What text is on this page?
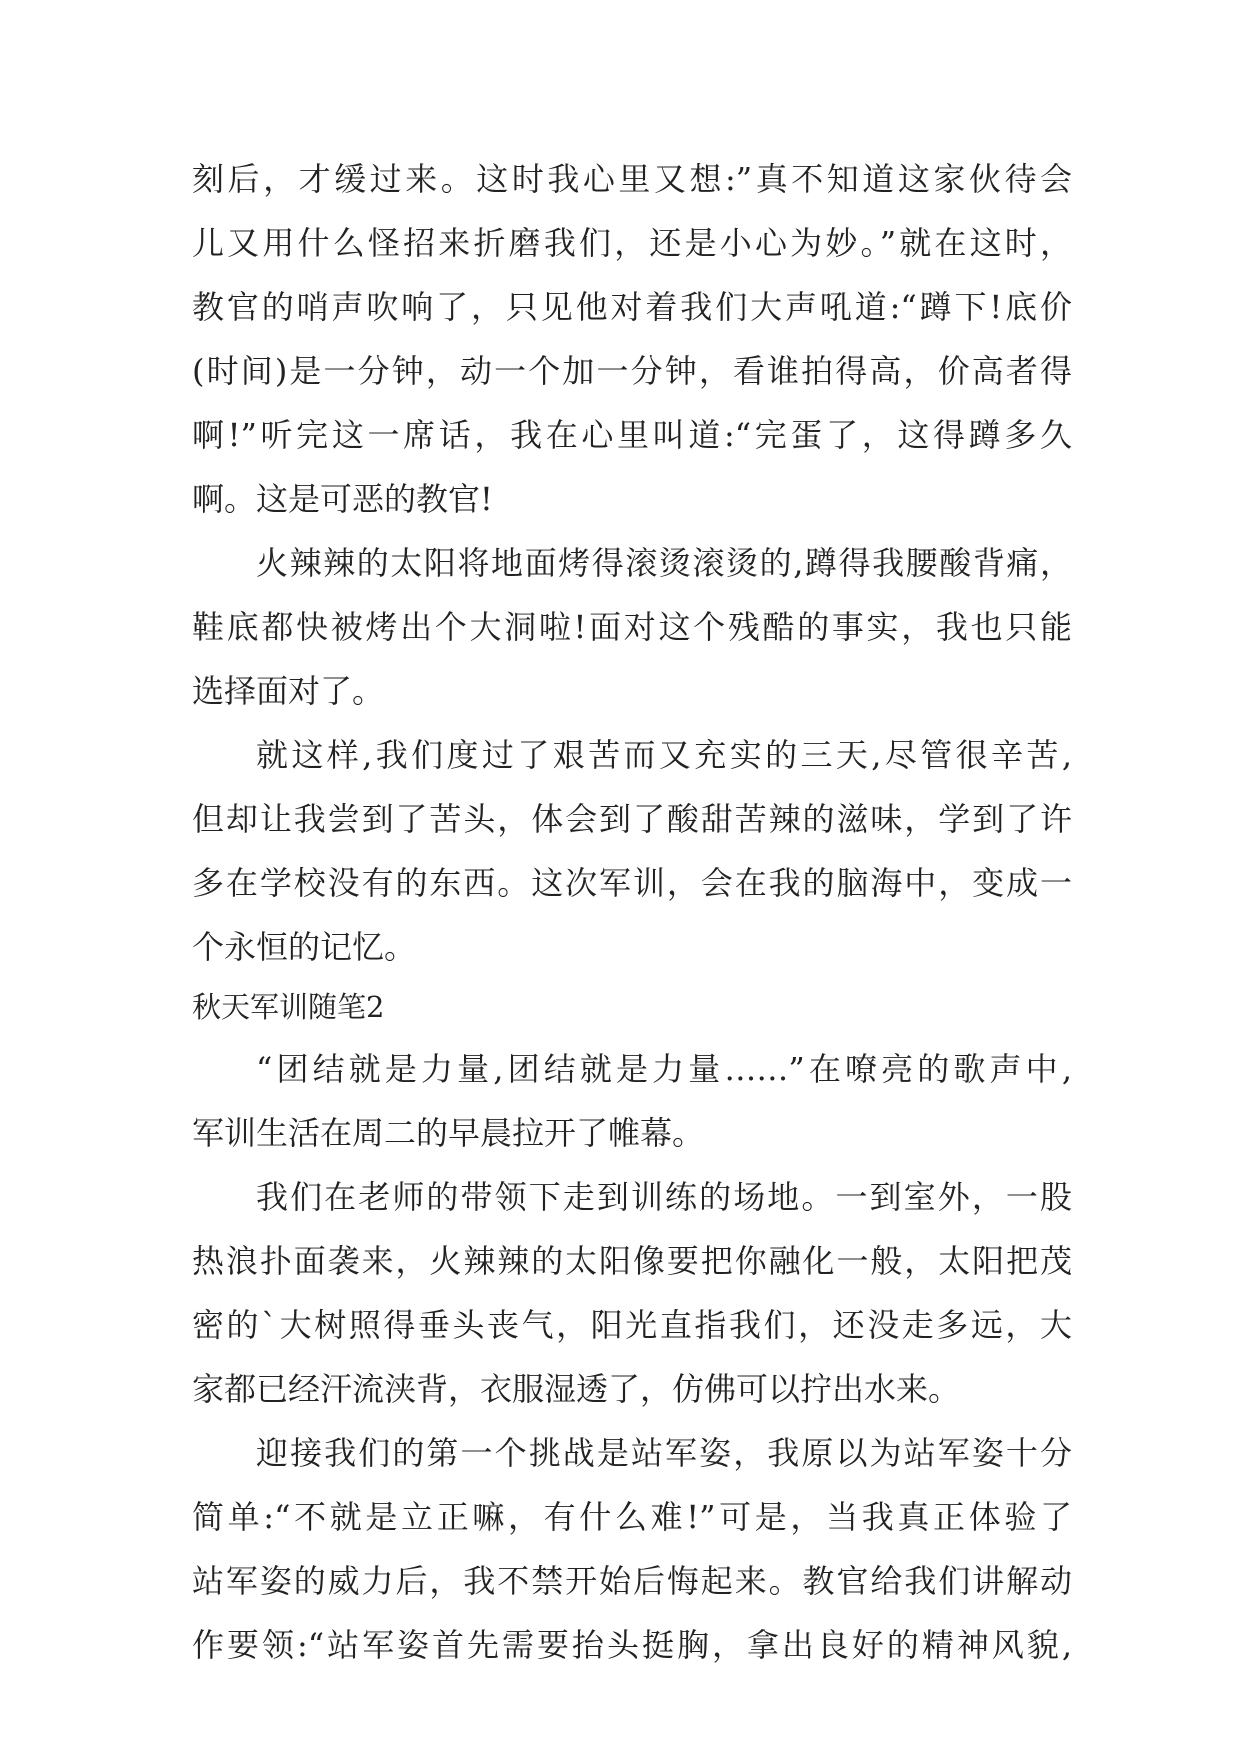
刻后，才缓过来。这时我心里又想:”真不知道这家伙待会
儿又用什么怪招来折磨我们，还是小心为妙。”就在这时，
教官的哨声吹响了，只见他对着我们大声吼道:“蹲下!底价
(时间)是一分钟，动一个加一分钟，看谁拍得高，价高者得
啊!”听完这一席话，我在心里叫道:“完蛋了，这得蹲多久
啊。这是可恶的教官!
火辣辣的太阳将地面烤得滚烫滚烫的,蹲得我腰酸背痛，
鞋底都快被烤出个大洞啦!面对这个残酷的事实，我也只能
选择面对了。
就这样,我们度过了艰苦而又充实的三天,尽管很辛苦,
但却让我尝到了苦头，体会到了酸甜苦辣的滋味，学到了许
多在学校没有的东西。这次军训，会在我的脑海中，变成一
个永恒的记忆。
秋天军训随笔2
“团结就是力量,团结就是力量……”在嘹亮的歌声中,
军训生活在周二的早晨拉开了帷幕。
我们在老师的带领下走到训练的场地。一到室外，一股
热浪扑面袭来，火辣辣的太阳像要把你融化一般，太阳把茂
密的`大树照得垂头丧气，阳光直指我们，还没走多远，大
家都已经汗流浃背，衣服湿透了，仿佛可以拧出水来。
迎接我们的第一个挑战是站军姿，我原以为站军姿十分
简单:“不就是立正嘛，有什么难!”可是，当我真正体验了
站军姿的威力后，我不禁开始后悔起来。教官给我们讲解动
作要领:“站军姿首先需要抬头挺胸，拿出良好的精神风貌,
